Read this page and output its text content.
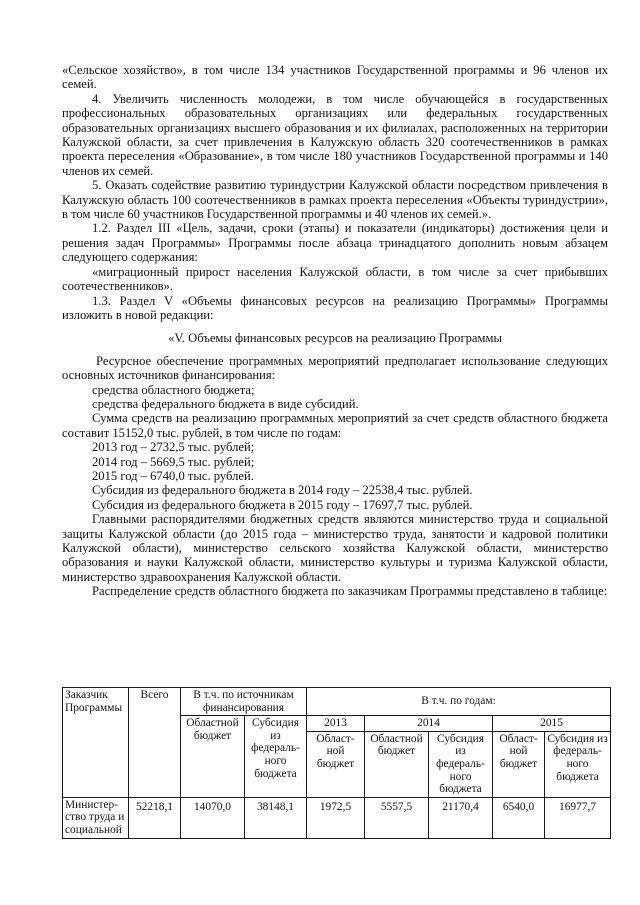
«Сельское хозяйство», в том числе 134 участников Государственной программы и 96 членов их семей.

4. Увеличить численность молодежи, в том числе обучающейся в государственных профессиональных образовательных организациях или федеральных государственных образовательных организациях высшего образования и их филиалах, расположенных на территории Калужской области, за счет привлечения в Калужскую область 320 соотечественников в рамках проекта переселения «Образование», в том числе 180 участников Государственной программы и 140 членов их семей.

5. Оказать содействие развитию туриндустрии Калужской области посредством привлечения в Калужскую область 100 соотечественников в рамках проекта переселения «Объекты туриндустрии», в том числе 60 участников Государственной программы и 40 членов их семей.».

1.2. Раздел III «Цель, задачи, сроки (этапы) и показатели (индикаторы) достижения цели и решения задач Программы» Программы после абзаца тринадцатого дополнить новым абзацем следующего содержания:

«миграционный прирост населения Калужской области, в том числе за счет прибывших соотечественников».

1.3. Раздел V «Объемы финансовых ресурсов на реализацию Программы» Программы изложить в новой редакции:

«V. Объемы финансовых ресурсов на реализацию Программы

Ресурсное обеспечение программных мероприятий предполагает использование следующих основных источников финансирования:

средства областного бюджета;

средства федерального бюджета в виде субсидий.

Сумма средств на реализацию программных мероприятий за счет средств областного бюджета составит 15152,0 тыс. рублей, в том числе по годам:

2013 год – 2732,5 тыс. рублей;

2014 год – 5669,5 тыс. рублей;

2015 год – 6740,0 тыс. рублей.

Субсидия из федерального бюджета в 2014 году – 22538,4 тыс. рублей.

Субсидия из федерального бюджета в 2015 году – 17697,7 тыс. рублей.

Главными распорядителями бюджетных средств являются министерство труда и социальной защиты Калужской области (до 2015 года – министерство труда, занятости и кадровой политики Калужской области), министерство сельского хозяйства Калужской области, министерство образования и науки Калужской области, министерство культуры и туризма Калужской области, министерство здравоохранения Калужской области.

Распределение средств областного бюджета по заказчикам Программы представлено в таблице:

Заказчик Программы	Всего	В т.ч. по источникам финансирования		В т.ч. по годам:				
		Областной бюджет	Субсидия из федераль-ного бюджета	2013	2014		2015	
				Област-ной бюджет	Областной бюджет	Субсидия из федераль-ного бюджета	Област-ной бюджет	Субсидия из федераль-ного бюджета
Министер-ство труда и социальной	52218,1	14070,0	38148,1	1972,5	5557,5	21170,4	6540,0	16977,7
